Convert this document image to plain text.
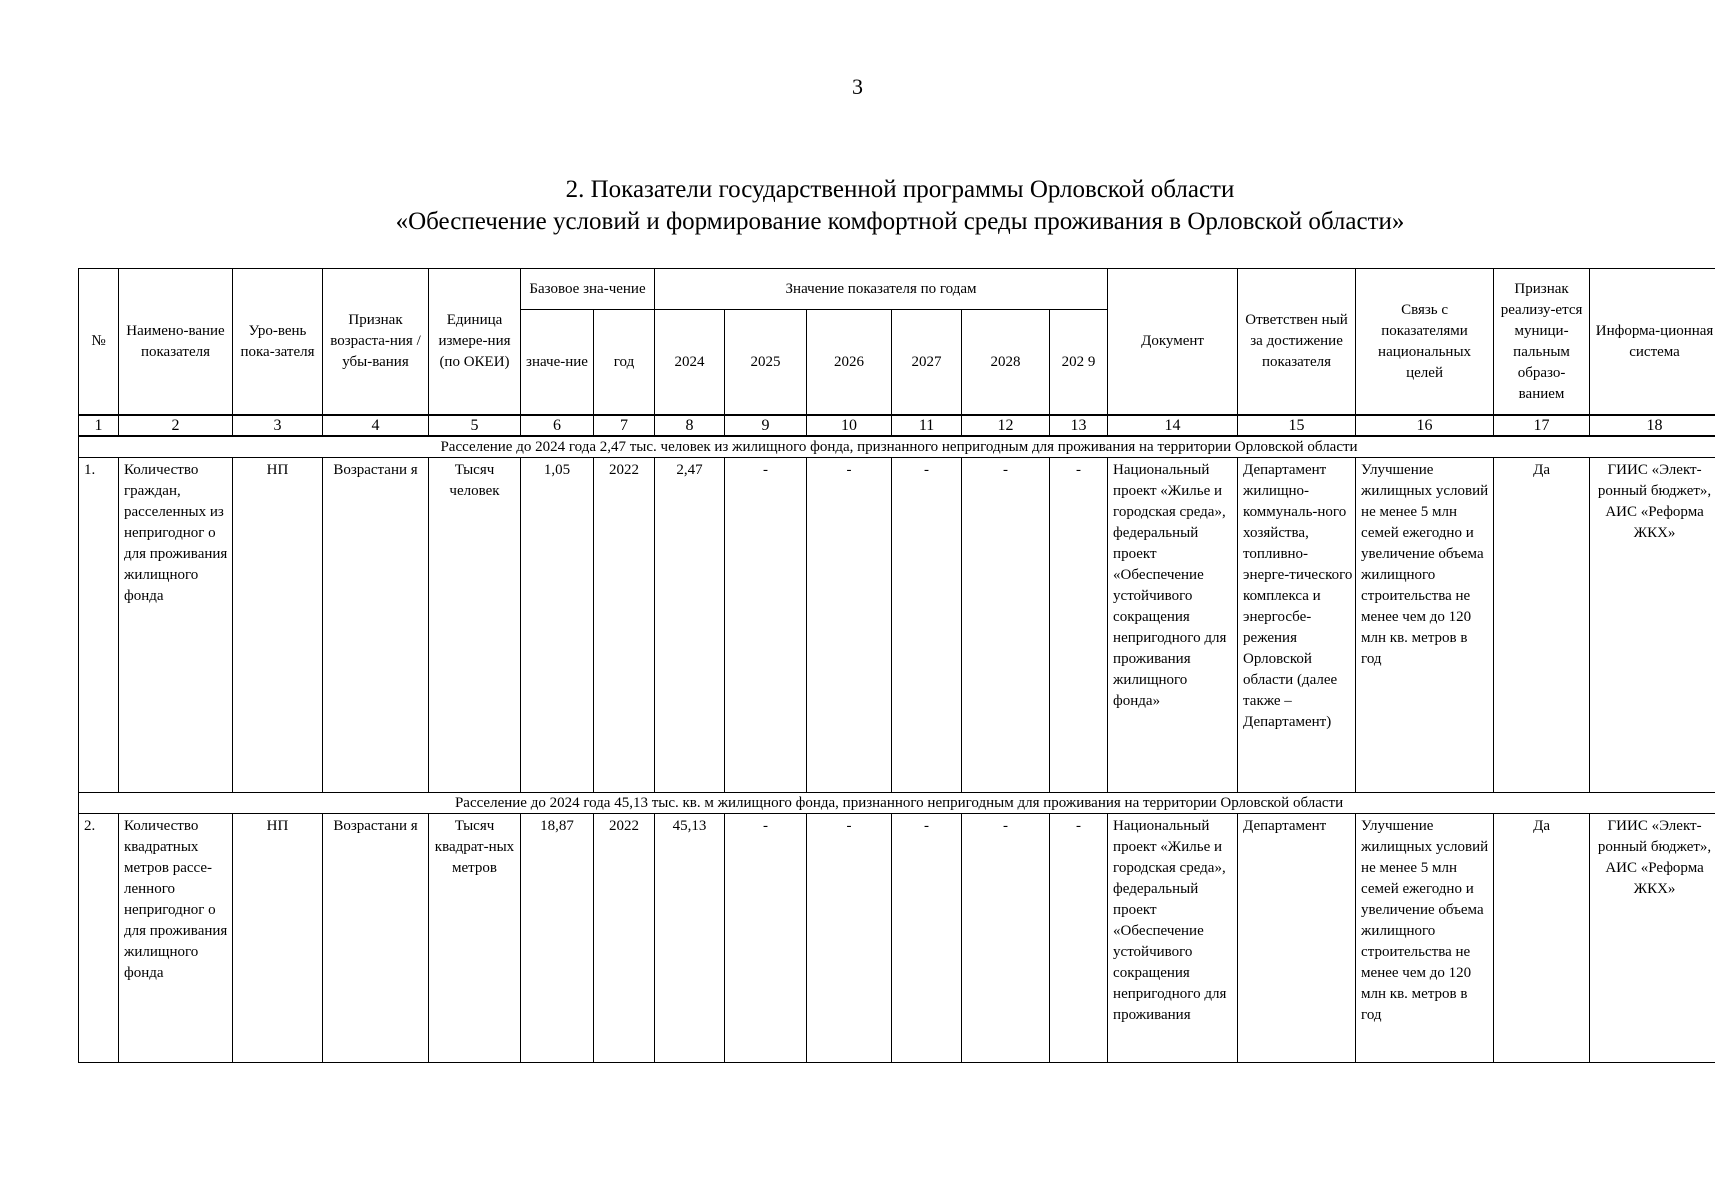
3
2. Показатели государственной программы Орловской области
«Обеспечение условий и формирование комфортной среды проживания в Орловской области»
№	Наимено-вание показателя	Уро-вень пока-зателя	Признак возраста-ния / убы-вания	Единица измере-ния (по ОКЕИ)	Базовое зна-чение		Значение показателя по годам						Документ	Ответствен ный за достижение показателя	Связь с показателями национальных целей	Признак реализу-ется муници-пальным образо-ванием	Информа-ционная система
					значе-ние	год	2024	2025	2026	2027	2028	202 9					
1	2	3	4	5	6	7	8	9	10	11	12	13	14	15	16	17	18
Расселение до 2024 года 2,47 тыс. человек из жилищного фонда, признанного непригодным для проживания на территории Орловской области																	
1.	Количество граждан, расселенных из непригодног о для проживания жилищного фонда	НП	Возрастани я	Тысяч человек	1,05	2022	2,47	-	-	-	-	-	Национальный проект «Жилье и городская среда», федеральный проект «Обеспечение устойчивого сокращения непригодного для проживания жилищного фонда»	Департамент жилищно-коммуналь-ного хозяйства, топливно-энерге-тического комплекса и энергосбе-режения Орловской области (далее также – Департамент)	Улучшение жилищных условий не менее 5 млн семей ежегодно и увеличение объема жилищного строительства не менее чем до 120 млн кв. метров в год	Да	ГИИС «Элект-ронный бюджет», АИС «Реформа ЖКХ»
Расселение до 2024 года 45,13 тыс. кв. м жилищного фонда, признанного непригодным для проживания на территории Орловской области																	
2.	Количество квадратных метров рассе-ленного непригодног о для проживания жилищного фонда	НП	Возрастани я	Тысяч квадрат-ных метров	18,87	2022	45,13	-	-	-	-	-	Национальный проект «Жилье и городская среда», федеральный проект «Обеспечение устойчивого сокращения непригодного для проживания	Департамент	Улучшение жилищных условий не менее 5 млн семей ежегодно и увеличение объема жилищного строительства не менее чем до 120 млн кв. метров в год	Да	ГИИС «Элект-ронный бюджет», АИС «Реформа ЖКХ»
